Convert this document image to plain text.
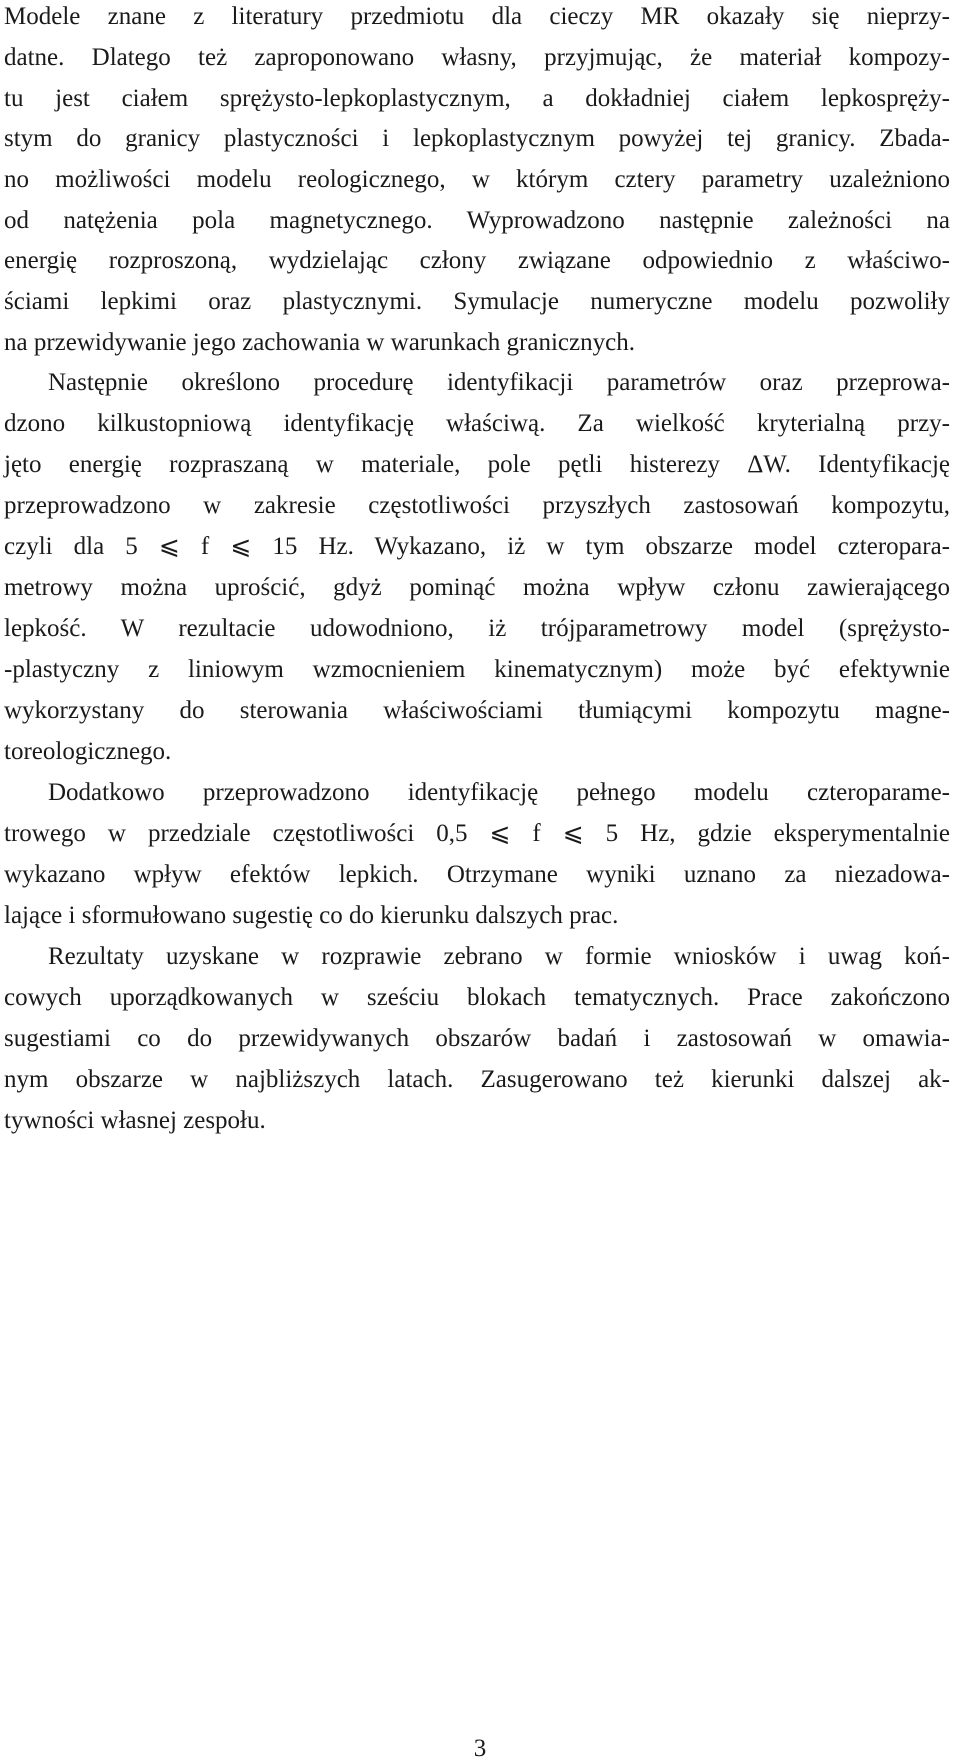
Modele znane z literatury przedmiotu dla cieczy MR okazały się nieprzy-
datne. Dlatego też zaproponowano własny, przyjmując, że materiał kompozy-
tu jest ciałem sprężysto-lepkoplastycznym, a dokładniej ciałem lepkospręży-
stym do granicy plastyczności i lepkoplastycznym powyżej tej granicy. Zbada-
no możliwości modelu reologicznego, w którym cztery parametry uzależniono
od natężenia pola magnetycznego. Wyprowadzono następnie zależności na
energię rozproszoną, wydzielając człony związane odpowiednio z właściwo-
ściami lepkimi oraz plastycznymi. Symulacje numeryczne modelu pozwoliły
na przewidywanie jego zachowania w warunkach granicznych.
Następnie określono procedurę identyfikacji parametrów oraz przeprowa-
dzono kilkustopniową identyfikację właściwą. Za wielkość kryterialną przy-
jęto energię rozpraszaną w materiale, pole pętli histerezy ΔW. Identyfikację
przeprowadzono w zakresie częstotliwości przyszłych zastosowań kompozytu,
czyli dla 5 ⩽ f ⩽ 15 Hz. Wykazano, iż w tym obszarze model czteropara-
metrowy można uprościć, gdyż pominąć można wpływ członu zawierającego
lepkość. W rezultacie udowodniono, iż trójparametrowy model (sprężysto-
-plastyczny z liniowym wzmocnieniem kinematycznym) może być efektywnie
wykorzystany do sterowania właściwościami tłumiącymi kompozytu magne-
toreologicznego.
Dodatkowo przeprowadzono identyfikację pełnego modelu czteroparame-
trowego w przedziale częstotliwości 0,5 ⩽ f ⩽ 5 Hz, gdzie eksperymentalnie
wykazano wpływ efektów lepkich. Otrzymane wyniki uznano za niezadowa-
lające i sformułowano sugestię co do kierunku dalszych prac.
Rezultaty uzyskane w rozprawie zebrano w formie wniosków i uwag koń-
cowych uporządkowanych w sześciu blokach tematycznych. Prace zakończono
sugestiami co do przewidywanych obszarów badań i zastosowań w omawia-
nym obszarze w najbliższych latach. Zasugerowano też kierunki dalszej ak-
tywności własnej zespołu.
3
